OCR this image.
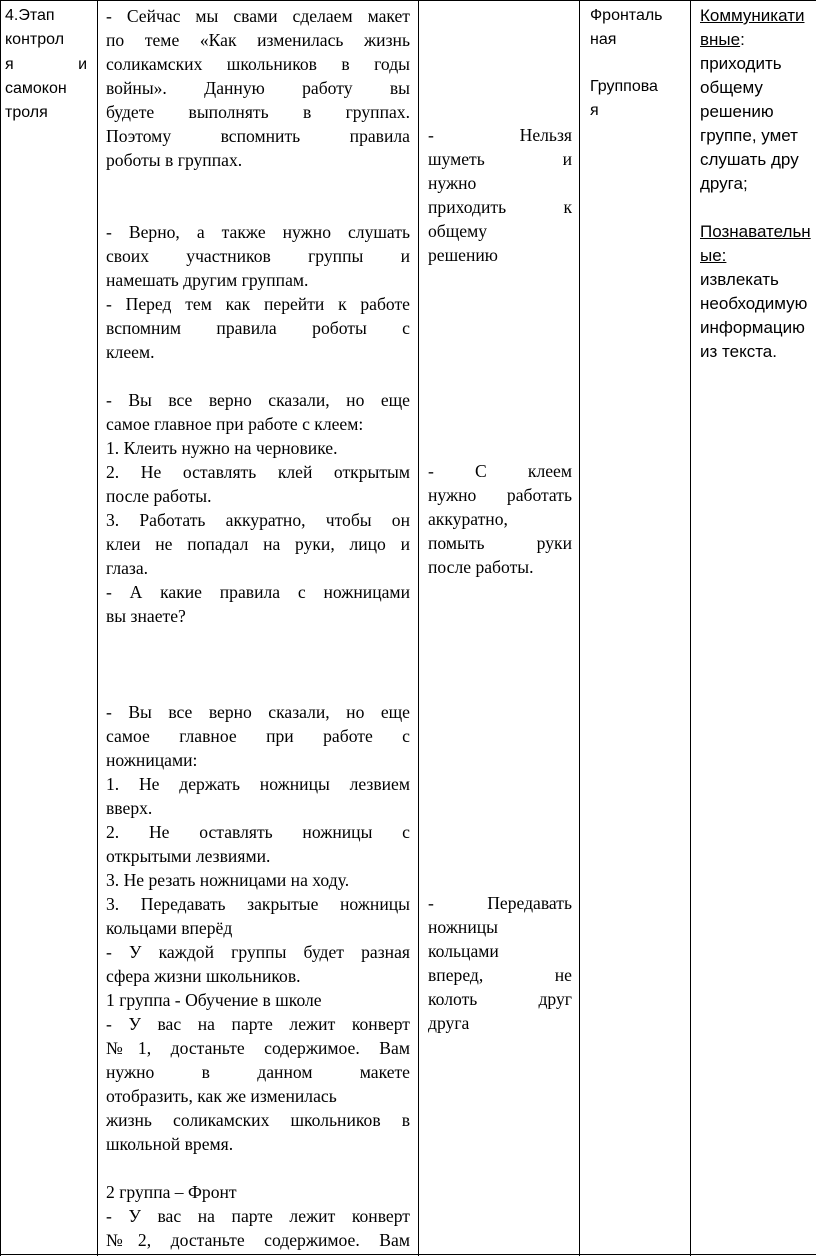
4.Этап
контрол
я и
самокон
троля

- Сейчас мы свами сделаем макет

по теме «Как изменилась жизнь

соликамских школьников в годы

войны». Данную работу вы

будете выполнять в группах.

Поэтому вспомнить правила

роботы в группах.

- Верно, а также нужно слушать

своих участников группы и

намешать другим группам.

- Перед тем как перейти к работе

вспомним правила роботы с

клеем.

- Вы все верно сказали, но еще

самое главное при работе с клеем:

1. Клеить нужно на черновике.

2. Не оставлять клей открытым

после работы.

3. Работать аккуратно, чтобы он

клеи не попадал на руки, лицо и

глаза.

- А какие правила с ножницами

вы знаете?

- Вы все верно сказали, но еще

самое главное при работе с

ножницами:

1. Не держать ножницы лезвием

вверх.

2. Не оставлять ножницы с

открытыми лезвиями.

3. Не резать ножницами на ходу.

3. Передавать закрытые ножницы

кольцами вперёд

- У каждой группы будет разная

сфера жизни школьников.

1 группа - Обучение в школе

- У вас на парте лежит конверт

№1, достаньте содержимое. Вам

нужно в данном макете

отобразить, как же изменилась

жизнь соликамских школьников в

школьной время.

2 группа – Фронт

- У вас на парте лежит конверт

№2, достаньте содержимое. Вам

- Нельзя

шуметь и

нужно

приходить к

общему

решению

- С клеем

нужно работать

аккуратно,

помыть руки

после работы.

- Передавать

ножницы

кольцами

вперед, не

колоть друг

друга

Фронталь
ная
Группова
я
Коммуникати
вные:
приходить
общему
решению
группе, умет
слушать дру
друга;
Познавательн
ые:
извлекать
необходимую
информацию
из текста.
